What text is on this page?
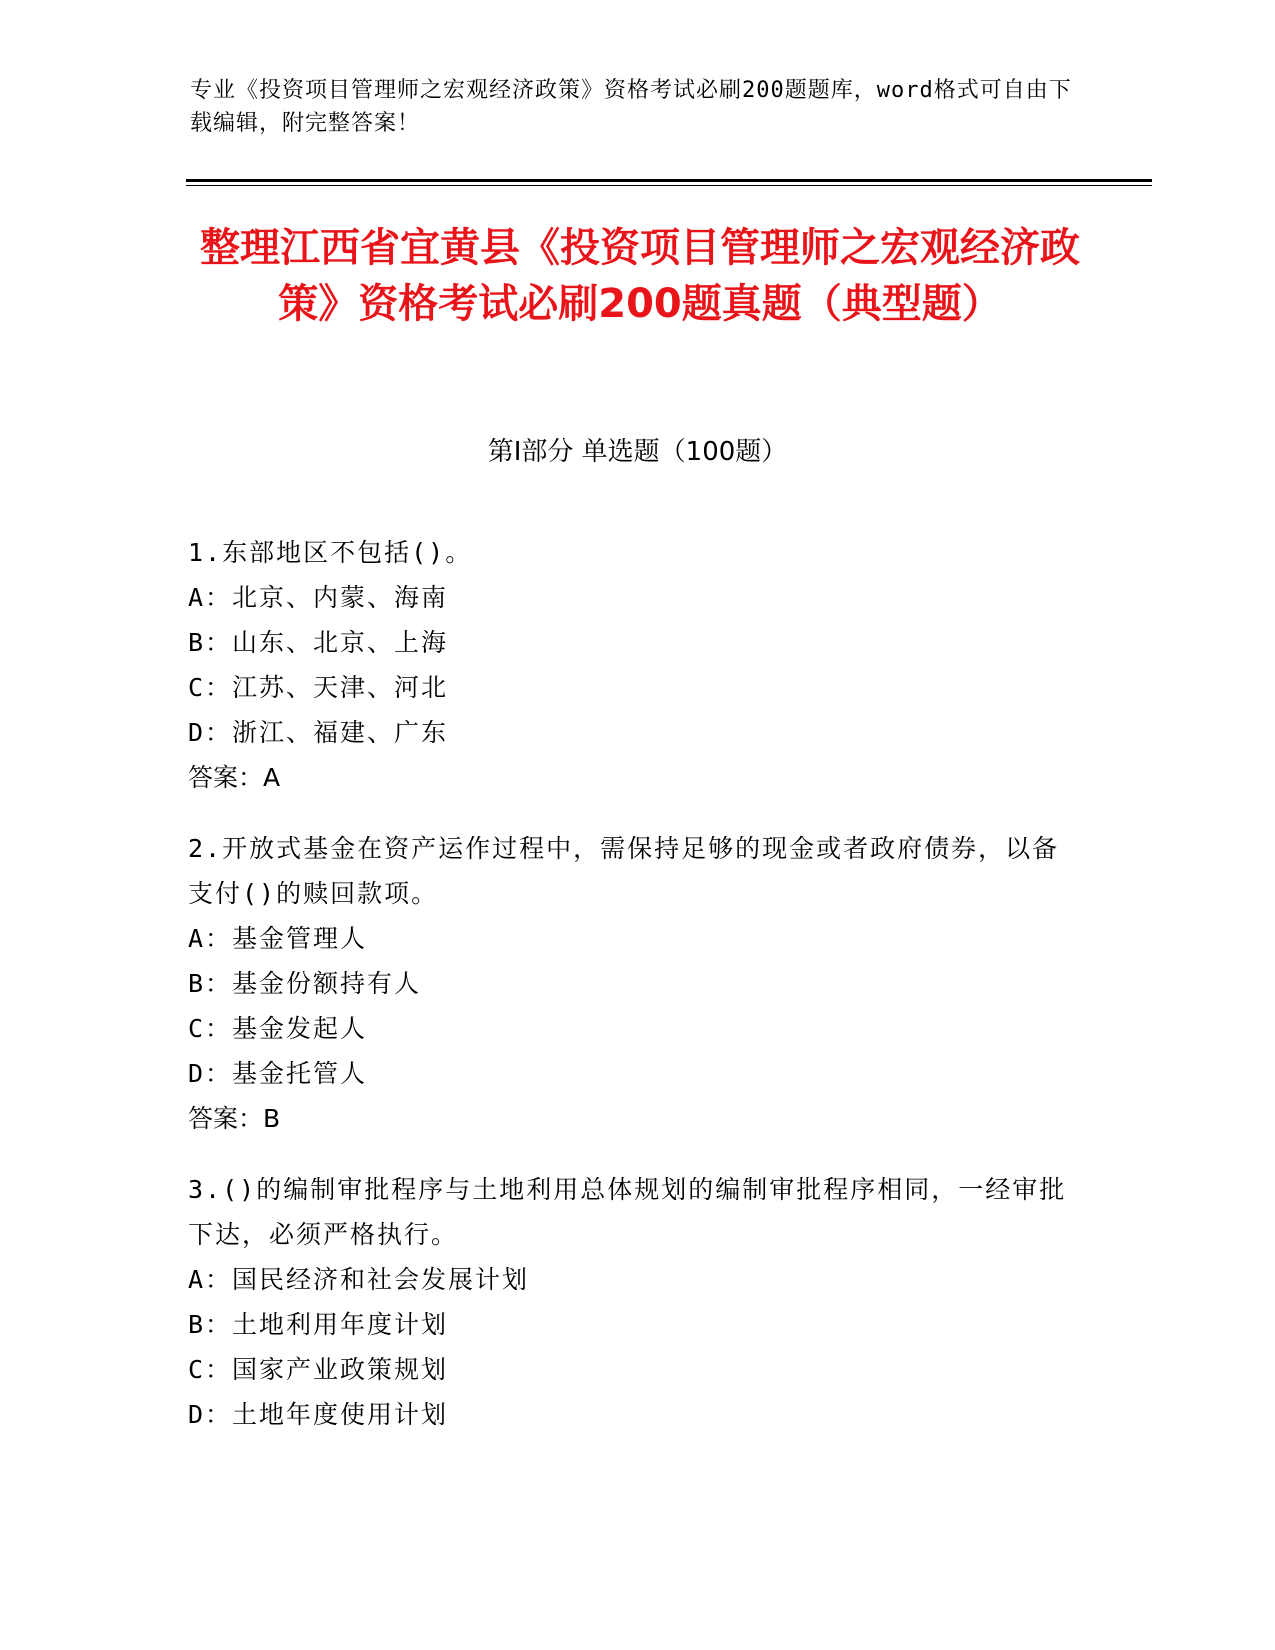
专业《投资项目管理师之宏观经济政策》资格考试必刷200题题库，word格式可自由下载编辑，附完整答案！
整理江西省宜黄县《投资项目管理师之宏观经济政策》资格考试必刷200题真题（典型题）
第I部分 单选题（100题）
1.东部地区不包括()。
A：北京、内蒙、海南
B：山东、北京、上海
C：江苏、天津、河北
D：浙江、福建、广东
答案：A
2.开放式基金在资产运作过程中，需保持足够的现金或者政府债券，以备支付()的赎回款项。
A：基金管理人
B：基金份额持有人
C：基金发起人
D：基金托管人
答案：B
3.()的编制审批程序与土地利用总体规划的编制审批程序相同，一经审批下达，必须严格执行。
A：国民经济和社会发展计划
B：土地利用年度计划
C：国家产业政策规划
D：土地年度使用计划
